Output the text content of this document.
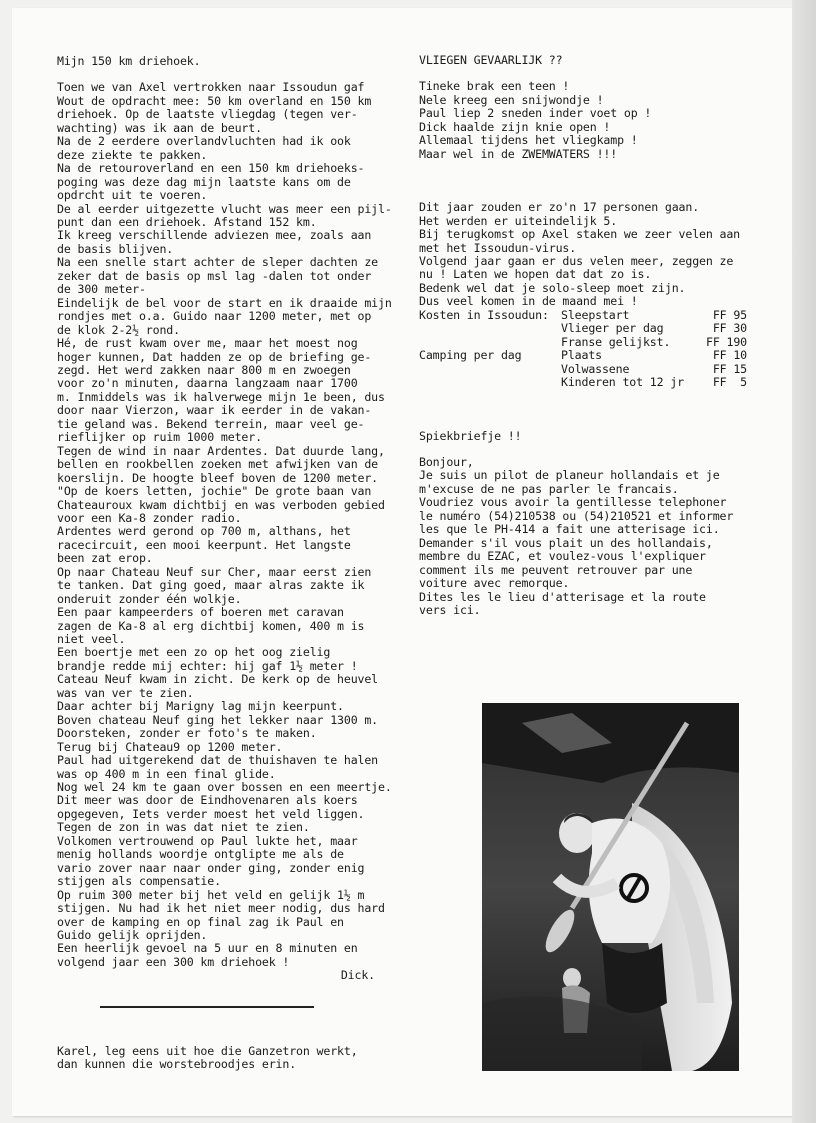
Mijn 150 km driehoek.
Toen we van Axel vertrokken naar Issoudun gaf
Wout de opdracht mee: 50 km overland en 150 km
driehoek. Op de laatste vliegdag (tegen ver-
wachting) was ik aan de beurt.
Na de 2 eerdere overlandvluchten had ik ook
deze ziekte te pakken.
Na de retouroverland en een 150 km driehoeks-
poging was deze dag mijn laatste kans om de
opdrcht uit te voeren.
De al eerder uitgezette vlucht was meer een pijl-
punt dan een driehoek. Afstand 152 km.
Ik kreeg verschillende adviezen mee, zoals aan
de basis blijven.
Na een snelle start achter de sleper dachten ze
zeker dat de basis op msl lag -dalen tot onder
de 300 meter-
Eindelijk de bel voor de start en ik draaide mijn
rondjes met o.a. Guido naar 1200 meter, met op
de klok 2-2½ rond.
Hé, de rust kwam over me, maar het moest nog
hoger kunnen, Dat hadden ze op de briefing ge-
zegd. Het werd zakken naar 800 m en zwoegen
voor zo'n minuten, daarna langzaam naar 1700
m. Inmiddels was ik halverwege mijn 1e been, dus
door naar Vierzon, waar ik eerder in de vakan-
tie geland was. Bekend terrein, maar veel ge-
rieflijker op ruim 1000 meter.
Tegen de wind in naar Ardentes. Dat duurde lang,
bellen en rookbellen zoeken met afwijken van de
koerslijn. De hoogte bleef boven de 1200 meter.
"Op de koers letten, jochie" De grote baan van
Chateauroux kwam dichtbij en was verboden gebied
voor een Ka-8 zonder radio.
Ardentes werd gerond op 700 m, althans, het
racecircuit, een mooi keerpunt. Het langste
been zat erop.
Op naar Chateau Neuf sur Cher, maar eerst zien
te tanken. Dat ging goed, maar alras zakte ik
onderuit zonder één wolkje.
Een paar kampeerders of boeren met caravan
zagen de Ka-8 al erg dichtbij komen, 400 m is
niet veel.
Een boertje met een zo op het oog zielig
brandje redde mij echter: hij gaf 1½ meter !
Cateau Neuf kwam in zicht. De kerk op de heuvel
was van ver te zien.
Daar achter bij Marigny lag mijn keerpunt.
Boven chateau Neuf ging het lekker naar 1300 m.
Doorsteken, zonder er foto's te maken.
Terug bij Chateau9 op 1200 meter.
Paul had uitgerekend dat de thuishaven te halen
was op 400 m in een final glide.
Nog wel 24 km te gaan over bossen en een meertje.
Dit meer was door de Eindhovenaren als koers
opgegeven, Iets verder moest het veld liggen.
Tegen de zon in was dat niet te zien.
Volkomen vertrouwend op Paul lukte het, maar
menig hollands woordje ontglipte me als de
vario zover naar naar onder ging, zonder enig
stijgen als compensatie.
Op ruim 300 meter bij het veld en gelijk 1½ m
stijgen. Nu had ik het niet meer nodig, dus hard
over de kamping en op final zag ik Paul en
Guido gelijk oprijden.
Een heerlijk gevoel na 5 uur en 8 minuten en
volgend jaar een 300 km driehoek !
Dick.
Karel, leg eens uit hoe die Ganzetron werkt,
dan kunnen die worstebroodjes erin.
VLIEGEN GEVAARLIJK ??
Tineke brak een teen !
Nele kreeg een snijwondje !
Paul liep 2 sneden inder voet op !
Dick haalde zijn knie open !
Allemaal tijdens het vliegkamp !
Maar wel in de ZWEMWATERS !!!
Dit jaar zouden er zo'n 17 personen gaan.
Het werden er uiteindelijk 5.
Bij terugkomst op Axel staken we zeer velen aan
met het Issoudun-virus.
Volgend jaar gaan er dus velen meer, zeggen ze
nu ! Laten we hopen dat dat zo is.
Bedenk wel dat je solo-sleep moet zijn.
Dus veel komen in de maand mei !
Kosten in Issoudun:	Sleepstart	FF 95
Vlieger per dag	FF 30
Franse gelijkst.	FF 190
Camping per dag	Plaats	FF 10
Volwassene	FF 15
Kinderen tot 12 jr	FF  5
Spiekbriefje !!
Bonjour,
Je suis un pilot de planeur hollandais et je
m'excuse de ne pas parler le francais.
Voudriez vous avoir la gentillesse telephoner
le numéro (54)210538 ou (54)210521 et informer
les que le PH-414 a fait une atterisage ici.
Demander s'il vous plait un des hollandais,
membre du EZAC, et voulez-vous l'expliquer
comment ils me peuvent retrouver par une
voiture avec remorque.
Dites les le lieu d'atterisage et la route
vers ici.
